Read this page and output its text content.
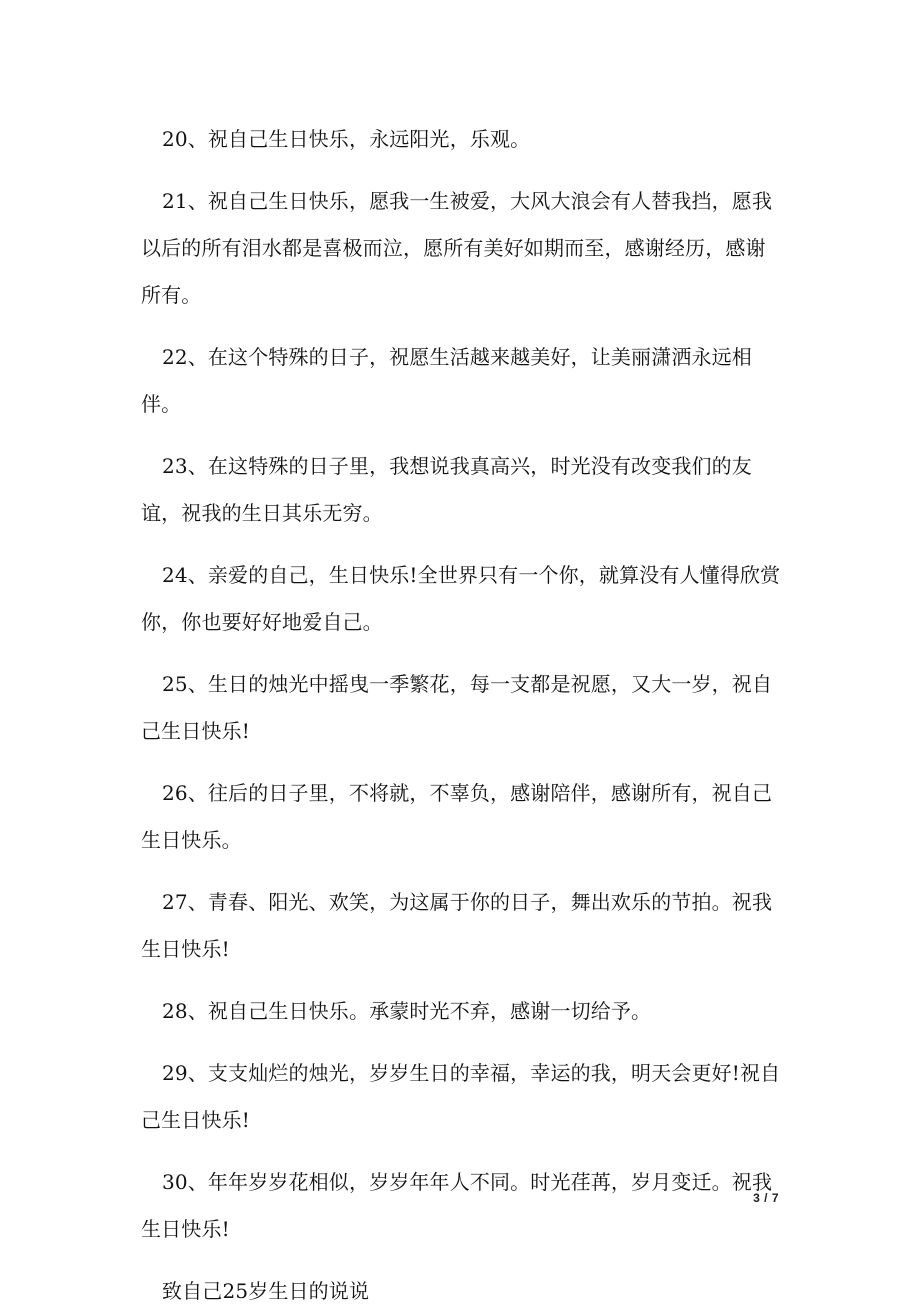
20、祝自己生日快乐，永远阳光，乐观。

21、祝自己生日快乐，愿我一生被爱，大风大浪会有人替我挡，愿我以后的所有泪水都是喜极而泣，愿所有美好如期而至，感谢经历，感谢所有。

22、在这个特殊的日子，祝愿生活越来越美好，让美丽潇洒永远相伴。

23、在这特殊的日子里，我想说我真高兴，时光没有改变我们的友谊，祝我的生日其乐无穷。

24、亲爱的自己，生日快乐!全世界只有一个你，就算没有人懂得欣赏你，你也要好好地爱自己。

25、生日的烛光中摇曳一季繁花，每一支都是祝愿，又大一岁，祝自己生日快乐!

26、往后的日子里，不将就，不辜负，感谢陪伴，感谢所有，祝自己生日快乐。

27、青春、阳光、欢笑，为这属于你的日子，舞出欢乐的节拍。祝我生日快乐!

28、祝自己生日快乐。承蒙时光不弃，感谢一切给予。

29、支支灿烂的烛光，岁岁生日的幸福，幸运的我，明天会更好!祝自己生日快乐!

30、年年岁岁花相似，岁岁年年人不同。时光荏苒，岁月变迁。祝我生日快乐!

致自己25岁生日的说说

3 / 7
